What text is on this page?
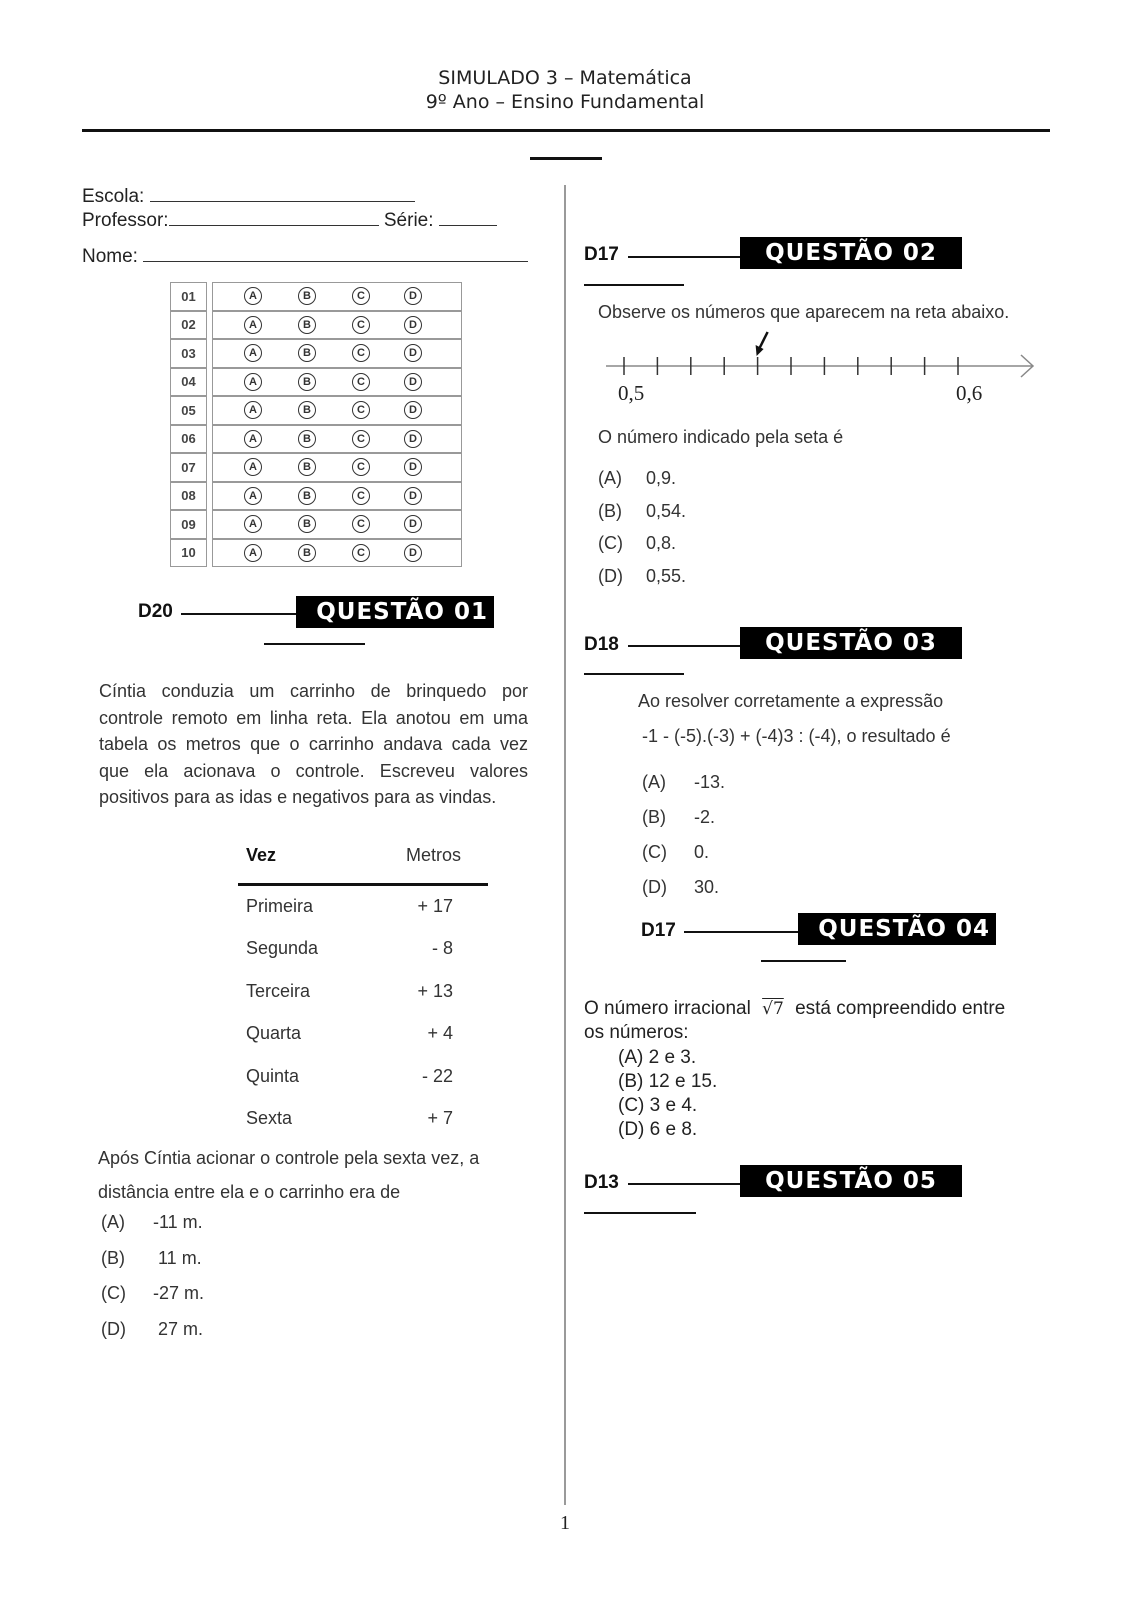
SIMULADO 3 – Matemática
9º Ano – Ensino Fundamental
Escola:
Professor:	Série:
Nome:
01	A	B	C	D
02	A	B	C	D
03	A	B	C	D
04	A	B	C	D
05	A	B	C	D
06	A	B	C	D
07	A	B	C	D
08	A	B	C	D
09	A	B	C	D
10	A	B	C	D
D20	QUESTÃO 01
Cíntia conduzia um carrinho de brinquedo por controle remoto em linha reta. Ela anotou em uma tabela os metros que o carrinho andava cada vez que ela acionava o controle. Escreveu valores positivos para as idas e negativos para as vindas.
Vez	Metros
Primeira	+ 17
Segunda	- 8
Terceira	+ 13
Quarta	+ 4
Quinta	- 22
Sexta	+ 7
Após Cíntia acionar o controle pela sexta vez, a
distância entre ela e o carrinho era de
(A) -11 m.
(B) 11 m.
(C) -27 m.
(D) 27 m.
D17	QUESTÃO 02
Observe os números que aparecem na reta abaixo.
0,5	0,6
O número indicado pela seta é
(A) 0,9.
(B) 0,54.
(C) 0,8.
(D) 0,55.
D18	QUESTÃO 03
Ao resolver corretamente a expressão
-1 - (-5).(-3) + (-4)3 : (-4), o resultado é
(A) -13.
(B) -2.
(C) 0.
(D) 30.
D17	QUESTÃO 04
O número irracional √7 está compreendido entre
os números:
(A) 2 e 3.
(B) 12 e 15.
(C) 3 e 4.
(D) 6 e 8.
D13	QUESTÃO 05
1
